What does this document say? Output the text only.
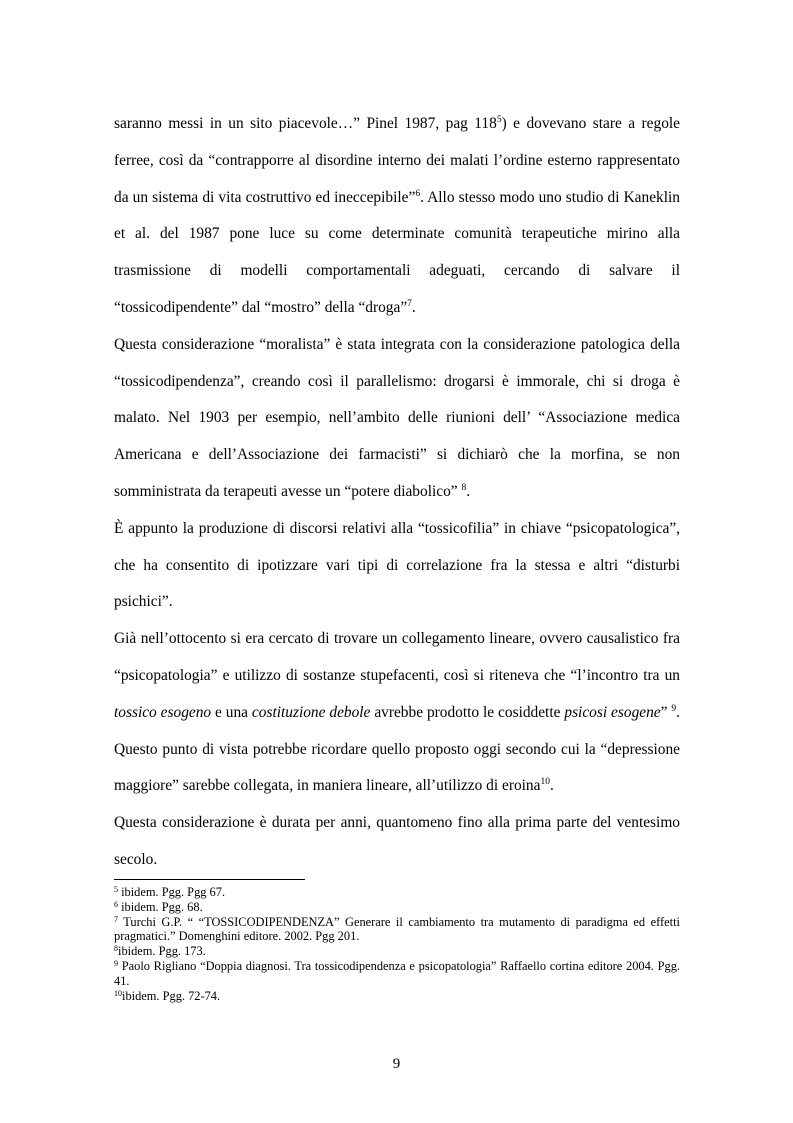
saranno messi in un sito piacevole…” Pinel 1987, pag $118^5$) e dovevano stare a regole ferree, così da “contrapporre al disordine interno dei malati l’ordine esterno rappresentato da un sistema di vita costruttivo ed ineccepibile”$^6$. Allo stesso modo uno studio di Kaneklin et al. del 1987 pone luce su come determinate comunità terapeutiche mirino alla trasmissione di modelli comportamentali adeguati, cercando di salvare il “tossicodipendente” dal “mostro” della “droga”$^7$.

Questa considerazione “moralista” è stata integrata con la considerazione patologica della “tossicodipendenza”, creando così il parallelismo: drogarsi è immorale, chi si droga è malato. Nel 1903 per esempio, nell’ambito delle riunioni dell’ “Associazione medica Americana e dell’Associazione dei farmacisti” si dichiarò che la morfina, se non somministrata da terapeuti avesse un “potere diabolico” $^8$.

È appunto la produzione di discorsi relativi alla “tossicofilia” in chiave “psicopatologica”, che ha consentito di ipotizzare vari tipi di correlazione fra la stessa e altri “disturbi psichici”.

Già nell’ottocento si era cercato di trovare un collegamento lineare, ovvero causalistico fra “psicopatologia” e utilizzo di sostanze stupefacenti, così si riteneva che “l’incontro tra un tossico esogeno e una costituzione debole avrebbe prodotto le cosiddette psicosi esogene” $^9$. Questo punto di vista potrebbe ricordare quello proposto oggi secondo cui la “depressione maggiore” sarebbe collegata, in maniera lineare, all’utilizzo di eroina$^{10}$.

Questa considerazione è durata per anni, quantomeno fino alla prima parte del ventesimo secolo.

$^5$ ibidem. Pgg. Pgg 67.

$^6$ ibidem. Pgg. 68.

$^7$ Turchi G.P. “ “TOSSICODIPENDENZA” Generare il cambiamento tra mutamento di paradigma ed effetti pragmatici.” Domenghini editore. 2002. Pgg 201.

$^8$ibidem. Pgg. 173.

$^9$ Paolo Rigliano “Doppia diagnosi. Tra tossicodipendenza e psicopatologia” Raffaello cortina editore 2004. Pgg. 41.

$^{10}$ibidem. Pgg. 72-74.

9
